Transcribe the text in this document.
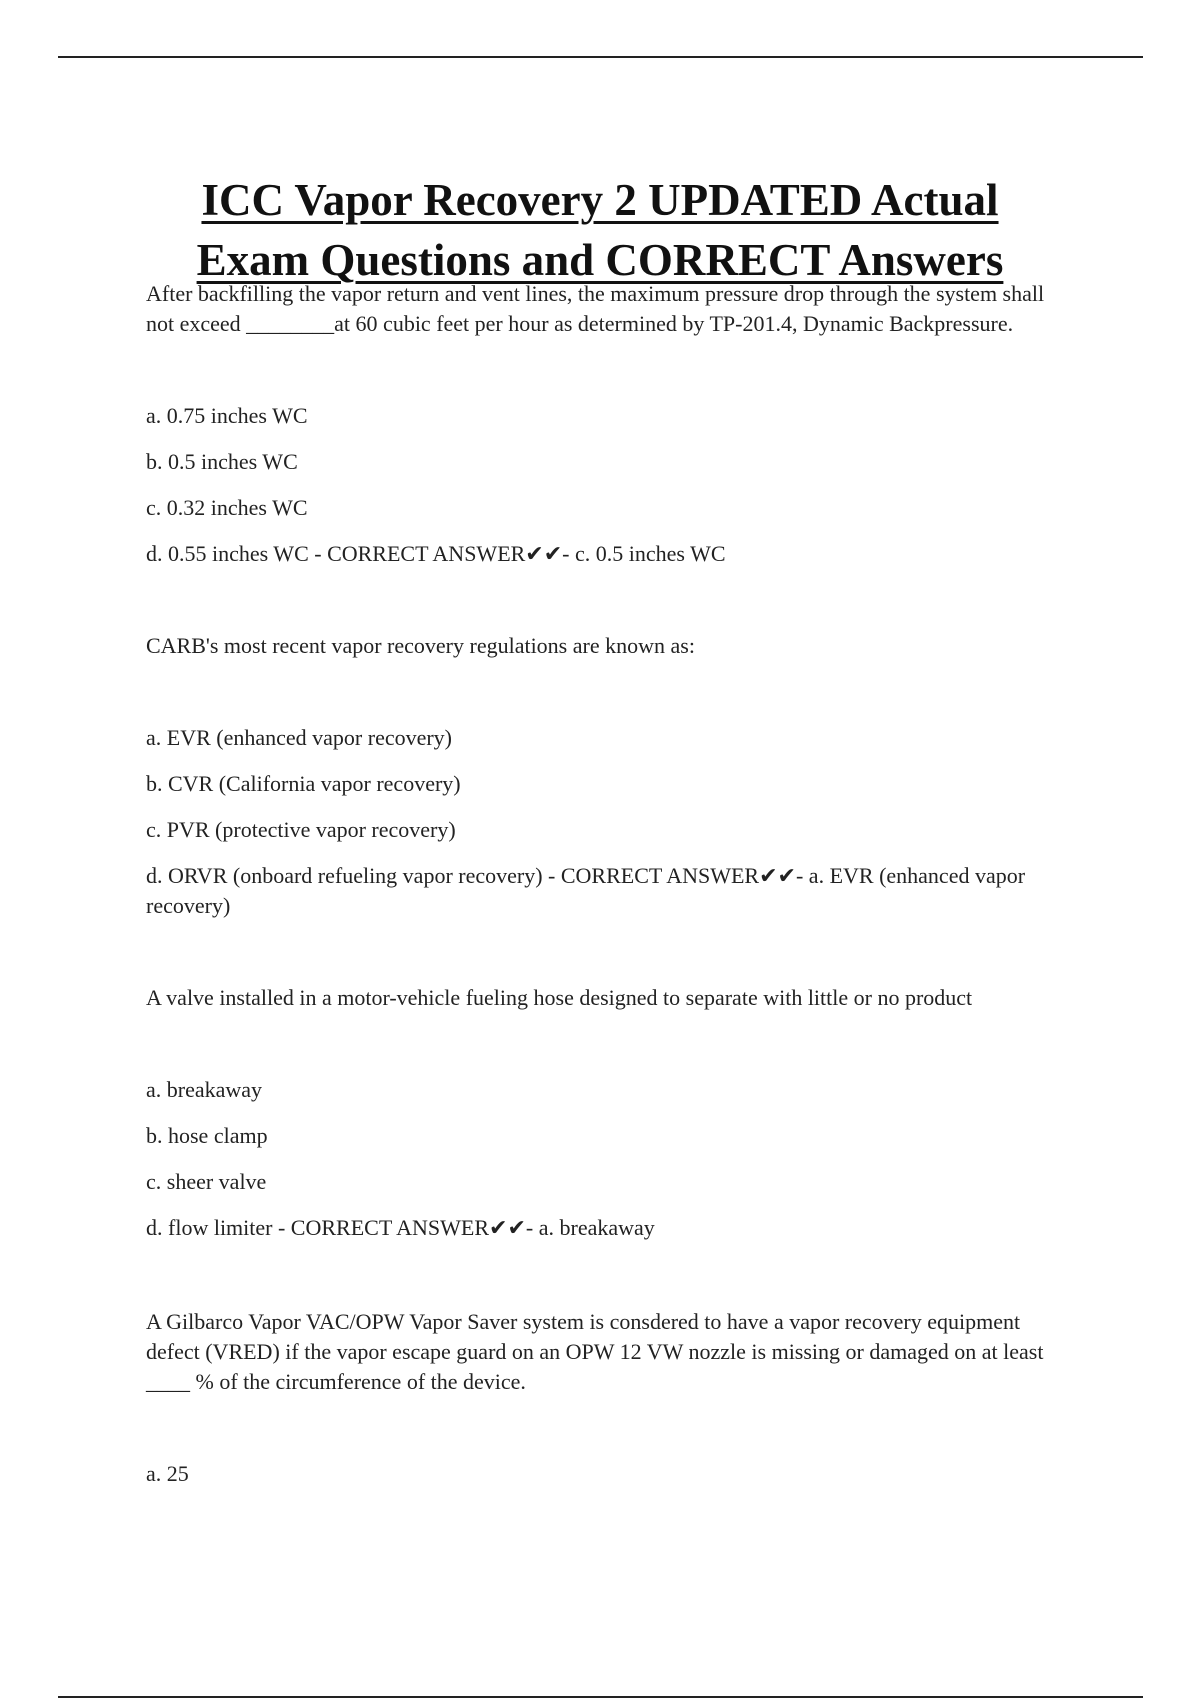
ICC Vapor Recovery 2 UPDATED Actual
Exam Questions and CORRECT Answers
After backfilling the vapor return and vent lines, the maximum pressure drop through the system shall not exceed ________at 60 cubic feet per hour as determined by TP-201.4, Dynamic Backpressure.
a. 0.75 inches WC
b. 0.5 inches WC
c. 0.32 inches WC
d. 0.55 inches WC - CORRECT ANSWER✔✔- c. 0.5 inches WC
CARB's most recent vapor recovery regulations are known as:
a. EVR (enhanced vapor recovery)
b. CVR (California vapor recovery)
c. PVR (protective vapor recovery)
d. ORVR (onboard refueling vapor recovery) - CORRECT ANSWER✔✔- a. EVR (enhanced vapor recovery)
A valve installed in a motor-vehicle fueling hose designed to separate with little or no product
a. breakaway
b. hose clamp
c. sheer valve
d. flow limiter - CORRECT ANSWER✔✔- a. breakaway
A Gilbarco Vapor VAC/OPW Vapor Saver system is consdered to have a vapor recovery equipment defect (VRED) if the vapor escape guard on an OPW 12 VW nozzle is missing or damaged on at least ____ % of the circumference of the device.
a. 25
